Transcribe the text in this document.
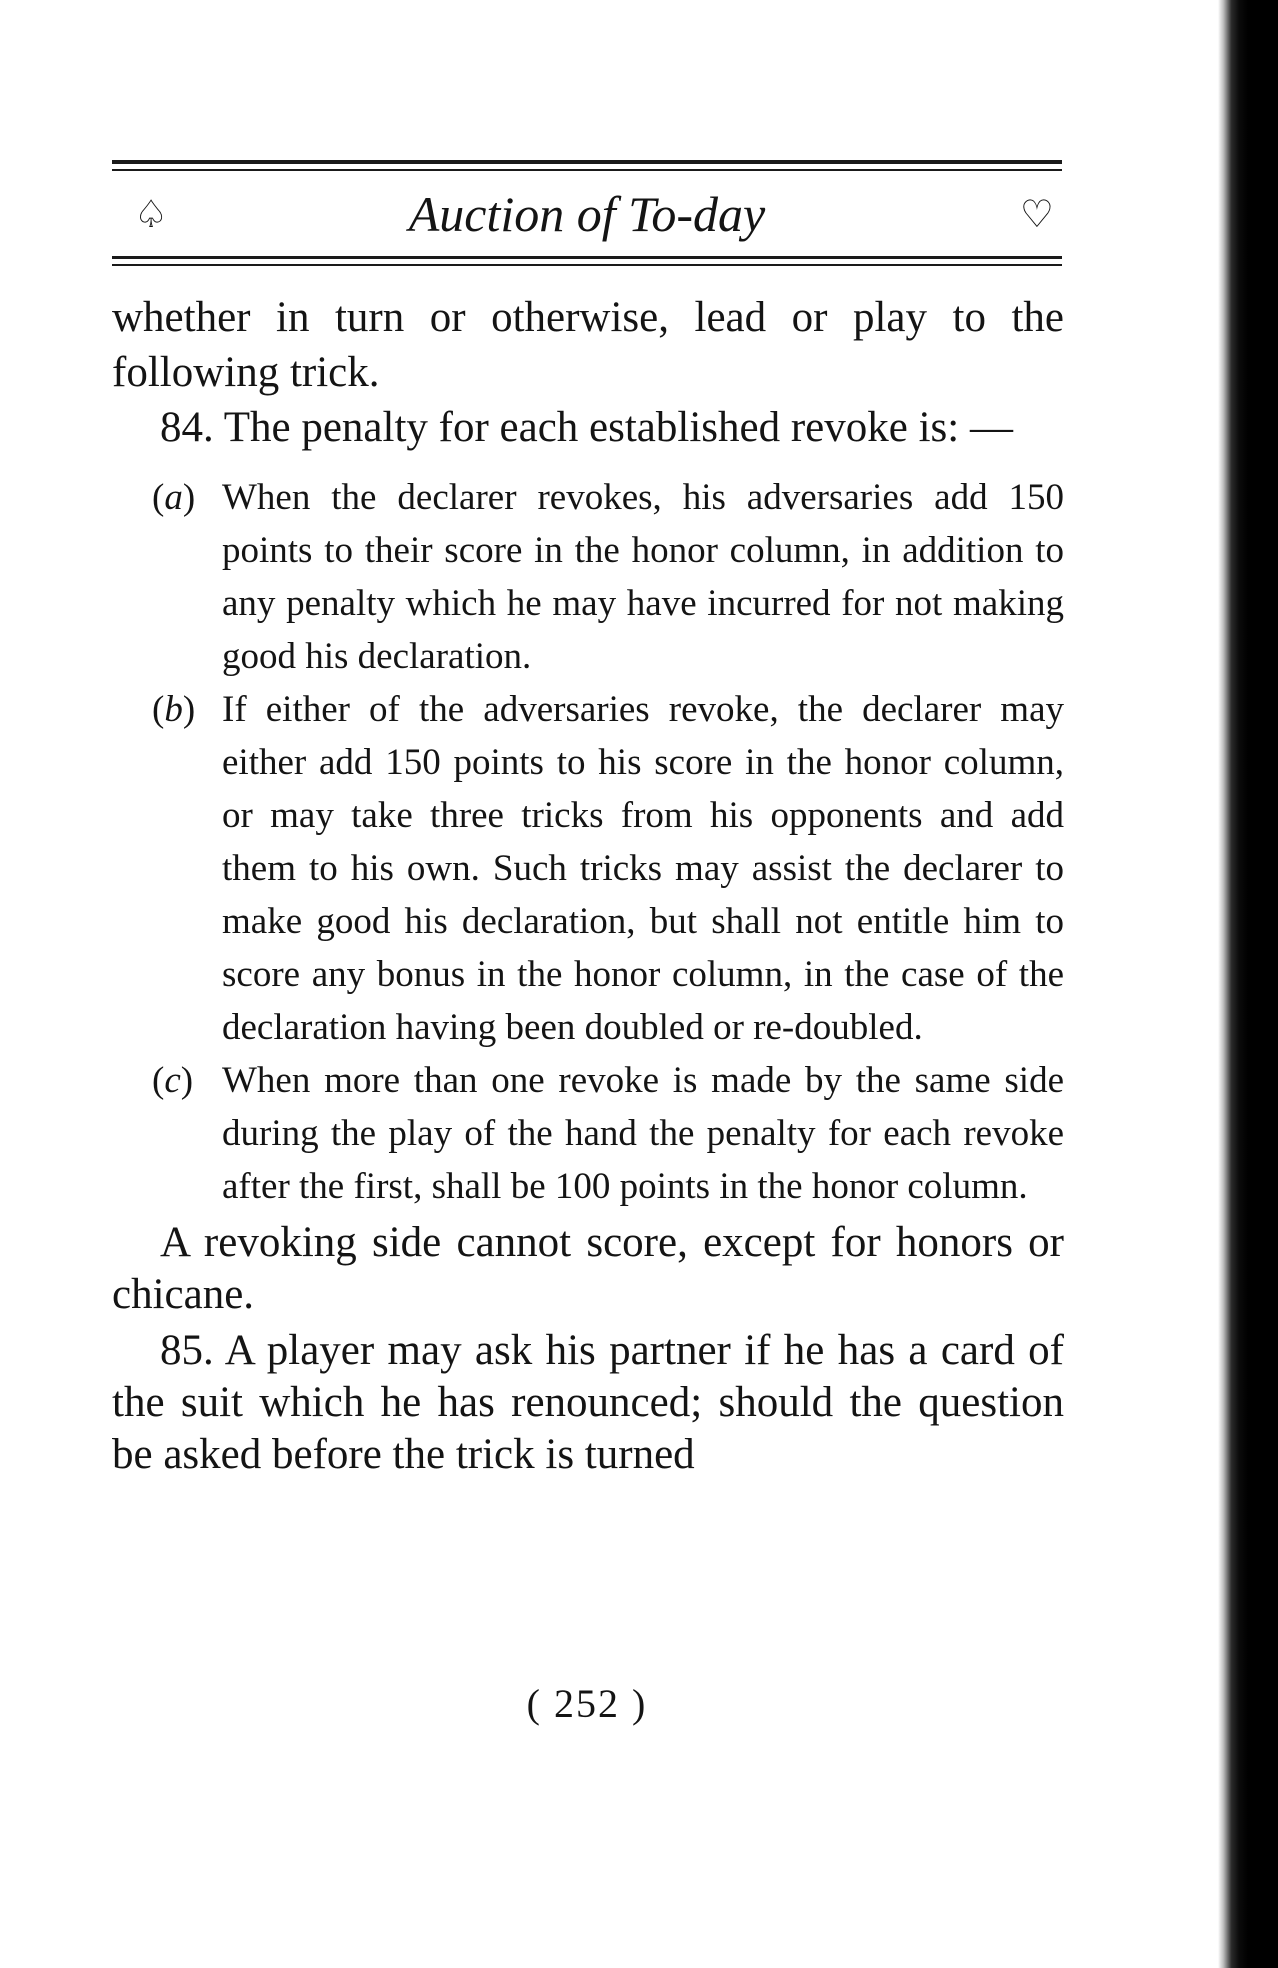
♤	Auction of To-day	♡

whether in turn or otherwise, lead or play to the following trick.

84. The penalty for each established revoke is: —

(a) When the declarer revokes, his adversaries add 150 points to their score in the honor column, in addition to any penalty which he may have incurred for not making good his declaration.

(b) If either of the adversaries revoke, the declarer may either add 150 points to his score in the honor column, or may take three tricks from his opponents and add them to his own. Such tricks may assist the declarer to make good his declaration, but shall not entitle him to score any bonus in the honor column, in the case of the declaration having been doubled or re-doubled.

(c) When more than one revoke is made by the same side during the play of the hand the penalty for each revoke after the first, shall be 100 points in the honor column.

A revoking side cannot score, except for honors or chicane.

85. A player may ask his partner if he has a card of the suit which he has renounced; should the question be asked before the trick is turned

( 252 )
